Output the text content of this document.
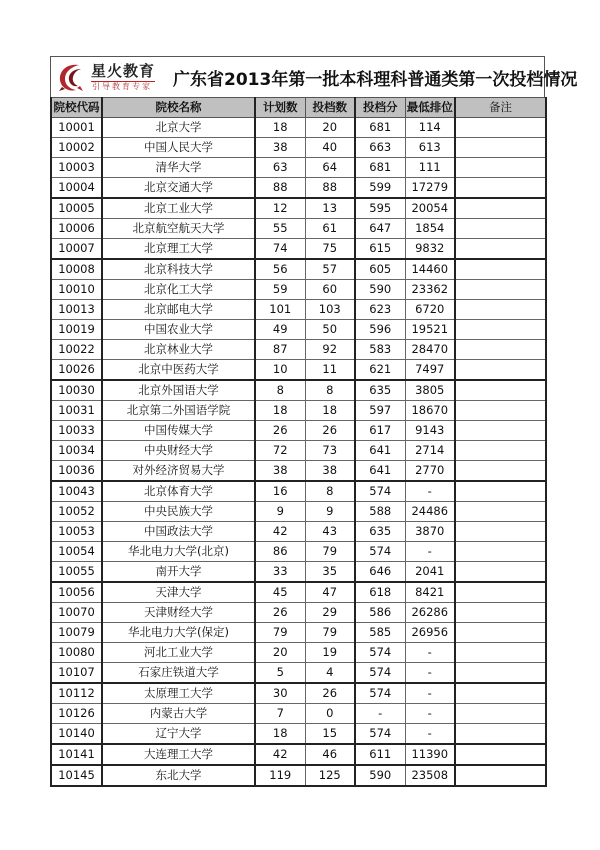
星火教育
引导教育专家 广东省2013年第一批本科理科普通类第一次投档情况
院校代码	院校名称	计划数	投档数	投档分	最低排位	备注
10001	北京大学	18	20	681	114	
10002	中国人民大学	38	40	663	613	
10003	清华大学	63	64	681	111	
10004	北京交通大学	88	88	599	17279	
10005	北京工业大学	12	13	595	20054	
10006	北京航空航天大学	55	61	647	1854	
10007	北京理工大学	74	75	615	9832	
10008	北京科技大学	56	57	605	14460	
10010	北京化工大学	59	60	590	23362	
10013	北京邮电大学	101	103	623	6720	
10019	中国农业大学	49	50	596	19521	
10022	北京林业大学	87	92	583	28470	
10026	北京中医药大学	10	11	621	7497	
10030	北京外国语大学	8	8	635	3805	
10031	北京第二外国语学院	18	18	597	18670	
10033	中国传媒大学	26	26	617	9143	
10034	中央财经大学	72	73	641	2714	
10036	对外经济贸易大学	38	38	641	2770	
10043	北京体育大学	16	8	574	-	
10052	中央民族大学	9	9	588	24486	
10053	中国政法大学	42	43	635	3870	
10054	华北电力大学(北京)	86	79	574	-	
10055	南开大学	33	35	646	2041	
10056	天津大学	45	47	618	8421	
10070	天津财经大学	26	29	586	26286	
10079	华北电力大学(保定)	79	79	585	26956	
10080	河北工业大学	20	19	574	-	
10107	石家庄铁道大学	5	4	574	-	
10112	太原理工大学	30	26	574	-	
10126	内蒙古大学	7	0	-	-	
10140	辽宁大学	18	15	574	-	
10141	大连理工大学	42	46	611	11390	
10145	东北大学	119	125	590	23508	
